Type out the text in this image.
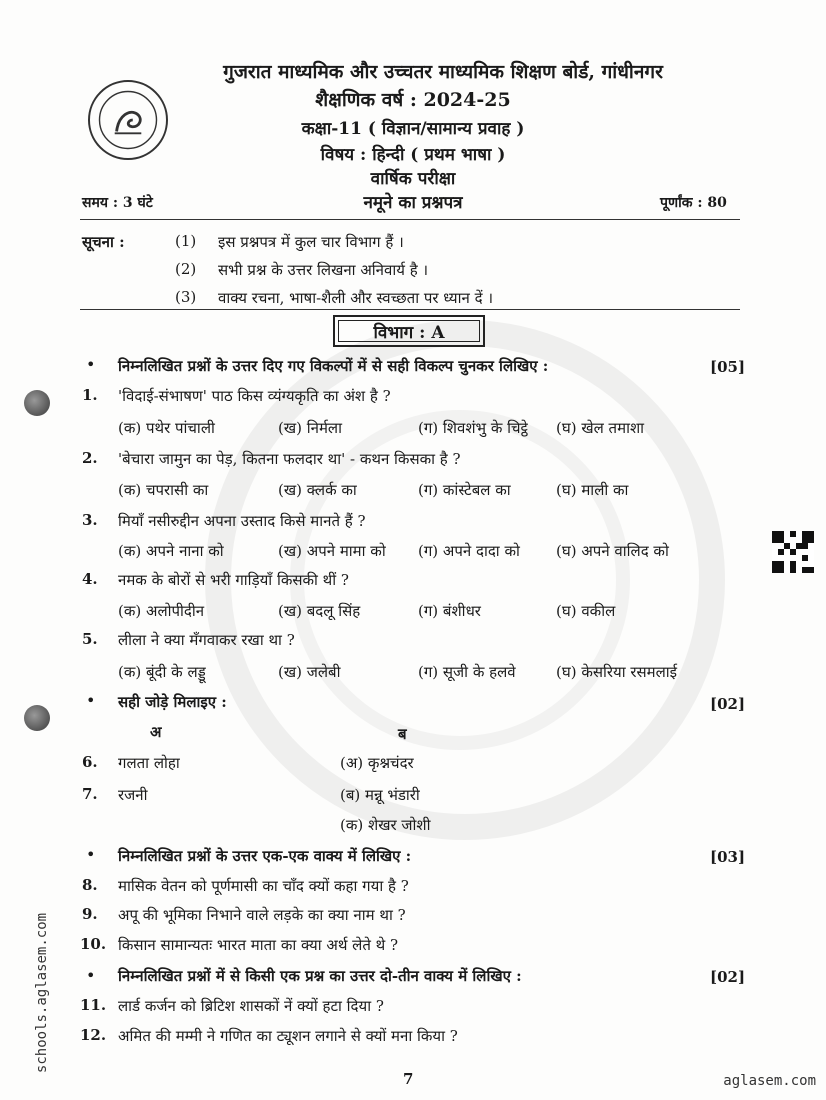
गुजरात माध्यमिक और उच्चतर माध्यमिक शिक्षण बोर्ड, गांधीनगर
शैक्षणिक वर्ष : 2024-25
कक्षा-11 ( विज्ञान/सामान्य प्रवाह )
विषय : हिन्दी ( प्रथम भाषा )
वार्षिक परीक्षा
समय : 3 घंटे	नमूने का प्रश्नपत्र	पूर्णांक : 80
सूचना :	(1) इस प्रश्नपत्र में कुल चार विभाग हैं ।
(2) सभी प्रश्न के उत्तर लिखना अनिवार्य है ।
(3) वाक्य रचना, भाषा-शैली और स्वच्छता पर ध्यान दें ।
विभाग : A
• निम्नलिखित प्रश्नों के उत्तर दिए गए विकल्पों में से सही विकल्प चुनकर लिखिए :	[05]
1. 'विदाई-संभाषण' पाठ किस व्यंग्यकृति का अंश है ?
(क) पथेर पांचाली	(ख) निर्मला	(ग) शिवशंभु के चिट्ठे (घ) खेल तमाशा
2. 'बेचारा जामुन का पेड़, कितना फलदार था' - कथन किसका है ?
(क) चपरासी का	(ख) क्लर्क का	(ग) कांस्टेबल का	(घ) माली का
3. मियाँ नसीरुद्दीन अपना उस्ताद किसे मानते हैं ?
(क) अपने नाना को	(ख) अपने मामा को (ग) अपने दादा को (घ) अपने वालिद को
4. नमक के बोरों से भरी गाड़ियाँ किसकी थीं ?
(क) अलोपीदीन	(ख) बदलू सिंह	(ग) बंशीधर	(घ) वकील
5. लीला ने क्या मँगवाकर रखा था ?
(क) बूंदी के लड्डू	(ख) जलेबी	(ग) सूजी के हलवे	(घ) केसरिया रसमलाई
• सही जोड़े मिलाइए :	[02]
अ	ब
6. गलता लोहा	(अ) कृश्नचंदर
7. रजनी	(ब) मन्नू भंडारी
(क) शेखर जोशी
• निम्नलिखित प्रश्नों के उत्तर एक-एक वाक्य में लिखिए :	[03]
8. मासिक वेतन को पूर्णमासी का चाँद क्यों कहा गया है ?
9. अपू की भूमिका निभाने वाले लड़के का क्या नाम था ?
10. किसान सामान्यतः भारत माता का क्या अर्थ लेते थे ?
• निम्नलिखित प्रश्नों में से किसी एक प्रश्न का उत्तर दो-तीन वाक्य में लिखिए :	[02]
11. लार्ड कर्जन को ब्रिटिश शासकों नें क्यों हटा दिया ?
12. अमित की मम्मी ने गणित का ट्यूशन लगाने से क्यों मना किया ?
7	aglasem.com
schools.aglasem.com
